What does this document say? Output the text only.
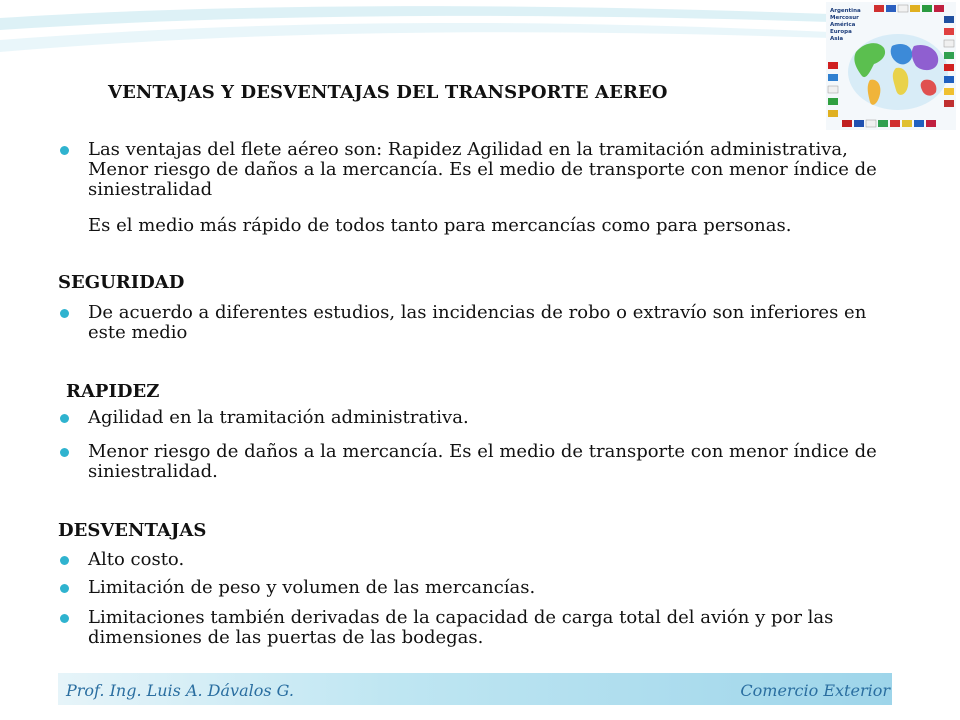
Argentina
Mercosur
América
Europa
Asia
VENTAJAS Y DESVENTAJAS DEL TRANSPORTE AEREO
Las ventajas del flete aéreo son: Rapidez Agilidad en la tramitación administrativa, Menor riesgo de daños a la mercancía. Es el medio de transporte con menor índice de siniestralidad
Es el medio más rápido de todos tanto para mercancías como para personas.
SEGURIDAD
De acuerdo a diferentes estudios, las incidencias de robo o extravío son inferiores en este medio
RAPIDEZ
Agilidad en la tramitación administrativa.
Menor riesgo de daños a la mercancía. Es el medio de transporte con menor índice de siniestralidad.
DESVENTAJAS
Alto costo.
Limitación de peso y volumen de las mercancías.
Limitaciones también derivadas de la capacidad de carga total del avión y por las dimensiones de las puertas de las bodegas.
Prof. Ing. Luis A. Dávalos G.	Comercio Exterior
